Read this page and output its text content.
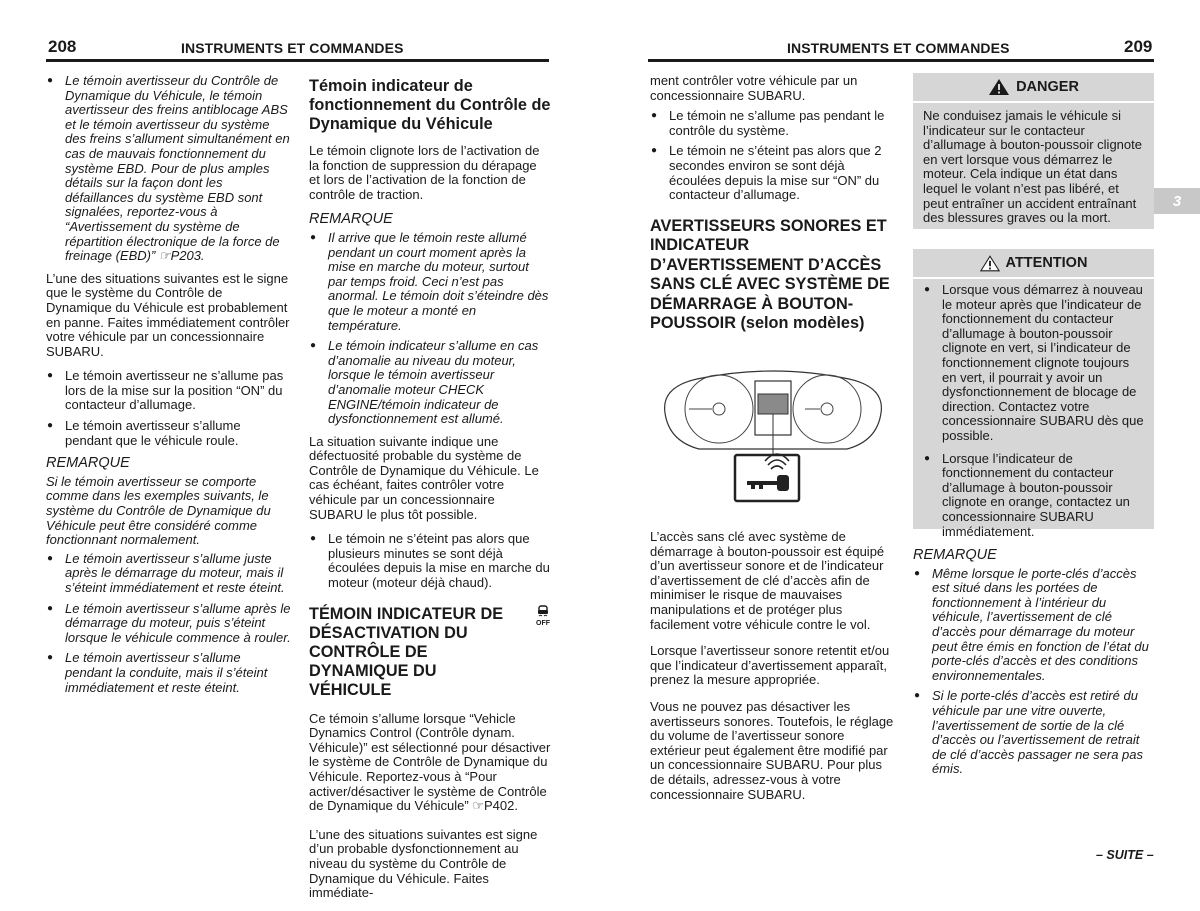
208	INSTRUMENTS ET COMMANDES	INSTRUMENTS ET COMMANDES	209
● Le témoin avertisseur du Contrôle de Dynamique du Véhicule, le témoin avertisseur des freins antiblocage ABS et le témoin avertisseur du système des freins s’allument simultanément en cas de mauvais fonctionnement du système EBD. Pour de plus amples détails sur la façon dont les défaillances du système EBD sont signalées, reportez-vous à “Avertissement du système de répartition électronique de la force de freinage (EBD)” ☞P203.

L’une des situations suivantes est le signe que le système du Contrôle de Dynamique du Véhicule est probablement en panne. Faites immédiatement contrôler votre véhicule par un concessionnaire SUBARU.

● Le témoin avertisseur ne s’allume pas lors de la mise sur la position “ON” du contacteur d’allumage.
● Le témoin avertisseur s’allume pendant que le véhicule roule.
REMARQUE

Si le témoin avertisseur se comporte comme dans les exemples suivants, le système du Contrôle de Dynamique du Véhicule peut être considéré comme fonctionnant normalement.

● Le témoin avertisseur s’allume juste après le démarrage du moteur, mais il s’éteint immédiatement et reste éteint.
● Le témoin avertisseur s’allume après le démarrage du moteur, puis s’éteint lorsque le véhicule commence à rouler.
● Le témoin avertisseur s’allume pendant la conduite, mais il s’éteint immédiatement et reste éteint.
Témoin indicateur de fonctionnement du Contrôle de Dynamique du Véhicule

Le témoin clignote lors de l’activation de la fonction de suppression du dérapage et lors de l’activation de la fonction de contrôle de traction.

REMARQUE
● Il arrive que le témoin reste allumé pendant un court moment après la mise en marche du moteur, surtout par temps froid. Ceci n’est pas anormal. Le témoin doit s’éteindre dès que le moteur a monté en température.
● Le témoin indicateur s’allume en cas d’anomalie au niveau du moteur, lorsque le témoin avertisseur d’anomalie moteur CHECK ENGINE/témoin indicateur de dysfonctionnement est allumé.

La situation suivante indique une défectuosité probable du système de Contrôle de Dynamique du Véhicule. Le cas échéant, faites contrôler votre véhicule par un concessionnaire SUBARU le plus tôt possible.

● Le témoin ne s’éteint pas alors que plusieurs minutes se sont déjà écoulées depuis la mise en marche du moteur (moteur déjà chaud).
TÉMOIN INDICATEUR DE DÉSACTIVATION DU CONTRÔLE DE DYNAMIQUE DU VÉHICULE
OFF

Ce témoin s’allume lorsque “Vehicle Dynamics Control (Contrôle dynam. Véhicule)” est sélectionné pour désactiver le système de Contrôle de Dynamique du Véhicule. Reportez-vous à “Pour activer/désactiver le système de Contrôle de Dynamique du Véhicule” ☞P402.

L’une des situations suivantes est signe d’un probable dysfonctionnement au niveau du système du Contrôle de Dynamique du Véhicule. Faites immédiate-

ment contrôler votre véhicule par un concessionnaire SUBARU.

● Le témoin ne s’allume pas pendant le contrôle du système.
● Le témoin ne s’éteint pas alors que 2 secondes environ se sont déjà écoulées depuis la mise sur “ON” du contacteur d’allumage.
AVERTISSEURS SONORES ET INDICATEUR D’AVERTISSEMENT D’ACCÈS SANS CLÉ AVEC SYSTÈME DE DÉMARRAGE À BOUTON-POUSSOIR (selon modèles)

L’accès sans clé avec système de démarrage à bouton-poussoir est équipé d’un avertisseur sonore et de l’indicateur d’avertissement de clé d’accès afin de minimiser le risque de mauvaises manipulations et de protéger plus facilement votre véhicule contre le vol.

Lorsque l’avertisseur sonore retentit et/ou que l’indicateur d’avertissement apparaît, prenez la mesure appropriée.

Vous ne pouvez pas désactiver les avertisseurs sonores. Toutefois, le réglage du volume de l’avertisseur sonore extérieur peut également être modifié par un concessionnaire SUBARU. Pour plus de détails, adressez-vous à votre concessionnaire SUBARU.

DANGER
Ne conduisez jamais le véhicule si l’indicateur sur le contacteur d’allumage à bouton-poussoir clignote en vert lorsque vous démarrez le moteur. Cela indique un état dans lequel le volant n’est pas libéré, et peut entraîner un accident entraînant des blessures graves ou la mort.
3
ATTENTION
● Lorsque vous démarrez à nouveau le moteur après que l’indicateur de fonctionnement du contacteur d’allumage à bouton-poussoir clignote en vert, si l’indicateur de fonctionnement clignote toujours en vert, il pourrait y avoir un dysfonctionnement de blocage de direction. Contactez votre concessionnaire SUBARU dès que possible.
● Lorsque l’indicateur de fonctionnement du contacteur d’allumage à bouton-poussoir clignote en orange, contactez un concessionnaire SUBARU immédiatement.
REMARQUE
● Même lorsque le porte-clés d’accès est situé dans les portées de fonctionnement à l’intérieur du véhicule, l’avertissement de clé d’accès pour démarrage du moteur peut être émis en fonction de l’état du porte-clés d’accès et des conditions environnementales.
● Si le porte-clés d’accès est retiré du véhicule par une vitre ouverte, l’avertissement de sortie de la clé d’accès ou l’avertissement de retrait de clé d’accès passager ne sera pas émis.
– SUITE –
